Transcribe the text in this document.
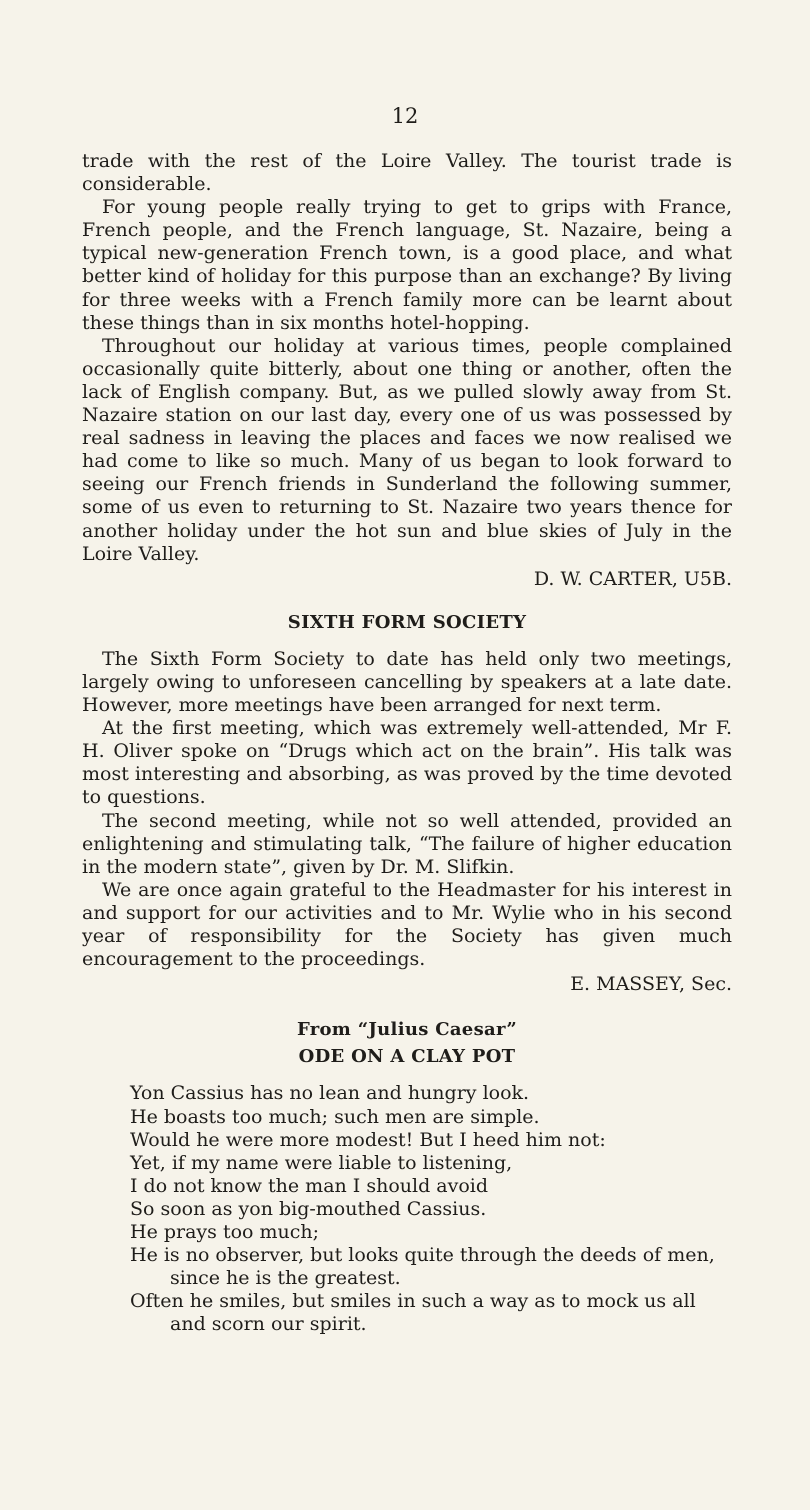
12

trade with the rest of the Loire Valley. The tourist trade is considerable.

For young people really trying to get to grips with France, French people, and the French language, St. Nazaire, being a typical new-generation French town, is a good place, and what better kind of holiday for this purpose than an exchange? By living for three weeks with a French family more can be learnt about these things than in six months hotel-hopping.

Throughout our holiday at various times, people complained occasionally quite bitterly, about one thing or another, often the lack of English company. But, as we pulled slowly away from St. Nazaire station on our last day, every one of us was possessed by real sadness in leaving the places and faces we now realised we had come to like so much. Many of us began to look forward to seeing our French friends in Sunderland the following summer, some of us even to returning to St. Nazaire two years thence for another holiday under the hot sun and blue skies of July in the Loire Valley.

D. W. CARTER, U5B.
SIXTH FORM SOCIETY

The Sixth Form Society to date has held only two meetings, largely owing to unforeseen cancelling by speakers at a late date. However, more meetings have been arranged for next term.

At the first meeting, which was extremely well-attended, Mr F. H. Oliver spoke on “Drugs which act on the brain”. His talk was most interesting and absorbing, as was proved by the time devoted to questions.

The second meeting, while not so well attended, provided an enlightening and stimulating talk, “The failure of higher education in the modern state”, given by Dr. M. Slifkin.

We are once again grateful to the Headmaster for his interest in and support for our activities and to Mr. Wylie who in his second year of responsibility for the Society has given much encouragement to the proceedings.

E. MASSEY, Sec.
From “Julius Caesar”
ODE ON A CLAY POT
Yon Cassius has no lean and hungry look.
He boasts too much; such men are simple.
Would he were more modest! But I heed him not:
Yet, if my name were liable to listening,
I do not know the man I should avoid
So soon as yon big-mouthed Cassius.
He prays too much;
He is no observer, but looks quite through the deeds of men, since he is the greatest.
Often he smiles, but smiles in such a way as to mock us all and scorn our spirit.
